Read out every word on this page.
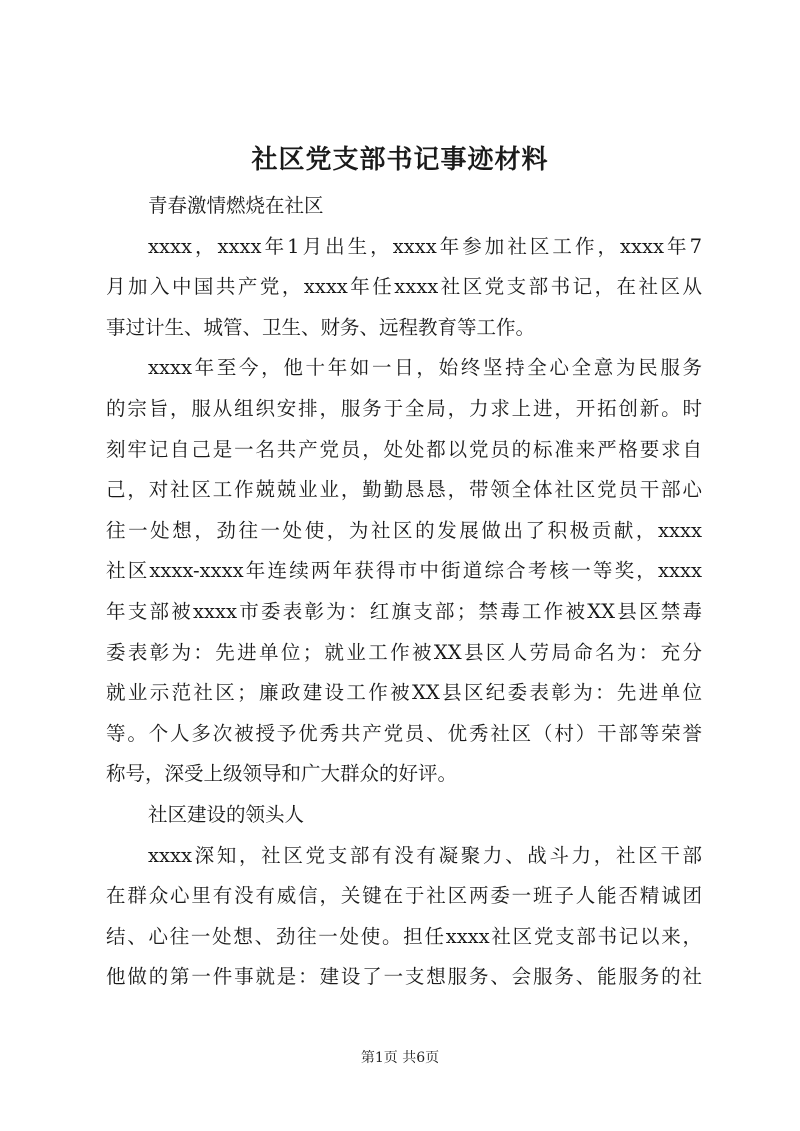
社区党支部书记事迹材料
青春激情燃烧在社区
xxxx，xxxx年1月出生，xxxx年参加社区工作，xxxx年7
月加入中国共产党，xxxx年任xxxx社区党支部书记，在社区从
事过计生、城管、卫生、财务、远程教育等工作。
xxxx年至今，他十年如一日，始终坚持全心全意为民服务
的宗旨，服从组织安排，服务于全局，力求上进，开拓创新。时
刻牢记自己是一名共产党员，处处都以党员的标准来严格要求自
己，对社区工作兢兢业业，勤勤恳恳，带领全体社区党员干部心
往一处想，劲往一处使，为社区的发展做出了积极贡献，xxxx
社区xxxx-xxxx年连续两年获得市中街道综合考核一等奖，xxxx
年支部被xxxx市委表彰为：红旗支部；禁毒工作被XX县区禁毒
委表彰为：先进单位；就业工作被XX县区人劳局命名为：充分
就业示范社区；廉政建设工作被XX县区纪委表彰为：先进单位
等。个人多次被授予优秀共产党员、优秀社区（村）干部等荣誉
称号，深受上级领导和广大群众的好评。
社区建设的领头人
xxxx深知，社区党支部有没有凝聚力、战斗力，社区干部
在群众心里有没有威信，关键在于社区两委一班子人能否精诚团
结、心往一处想、劲往一处使。担任xxxx社区党支部书记以来，
他做的第一件事就是：建设了一支想服务、会服务、能服务的社
第1页 共6页
